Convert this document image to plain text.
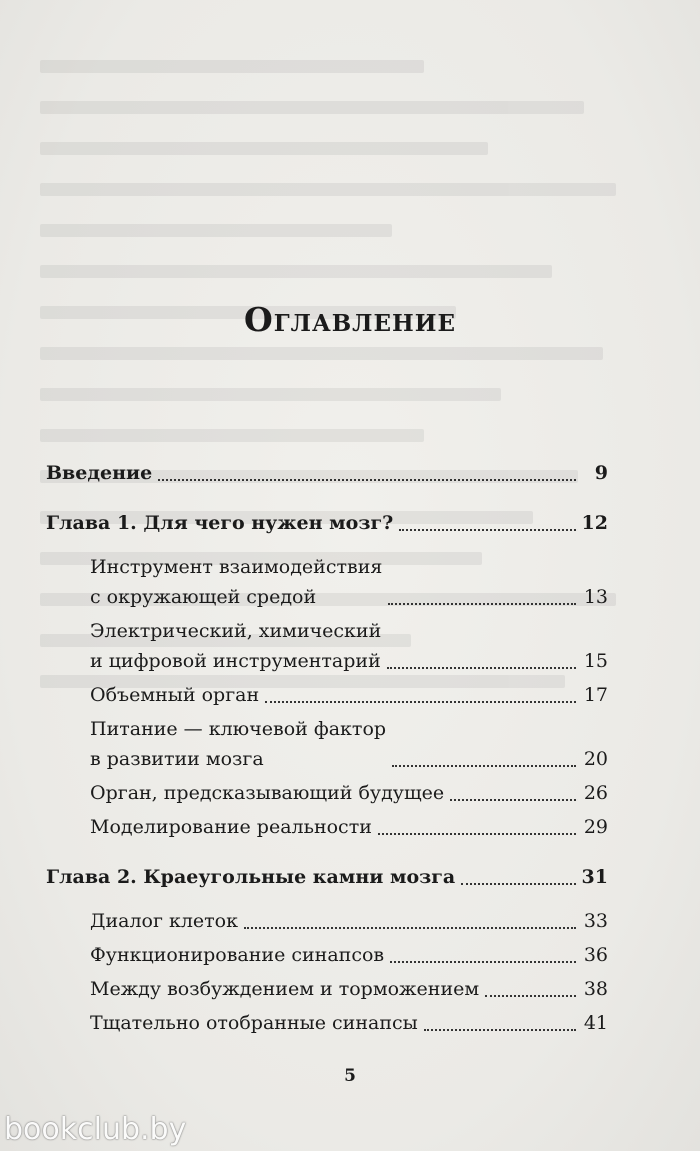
Оглавление
Введение	9
Глава 1. Для чего нужен мозг?	12
Инструмент взаимодействия
с окружающей средой	13
Электрический, химический
и цифровой инструментарий	15
Объемный орган	17
Питание — ключевой фактор
в развитии мозга	20
Орган, предсказывающий будущее	26
Моделирование реальности	29
Глава 2. Краеугольные камни мозга	31
Диалог клеток	33
Функционирование синапсов	36
Между возбуждением и торможением	38
Тщательно отобранные синапсы	41
5
bookclub.by
